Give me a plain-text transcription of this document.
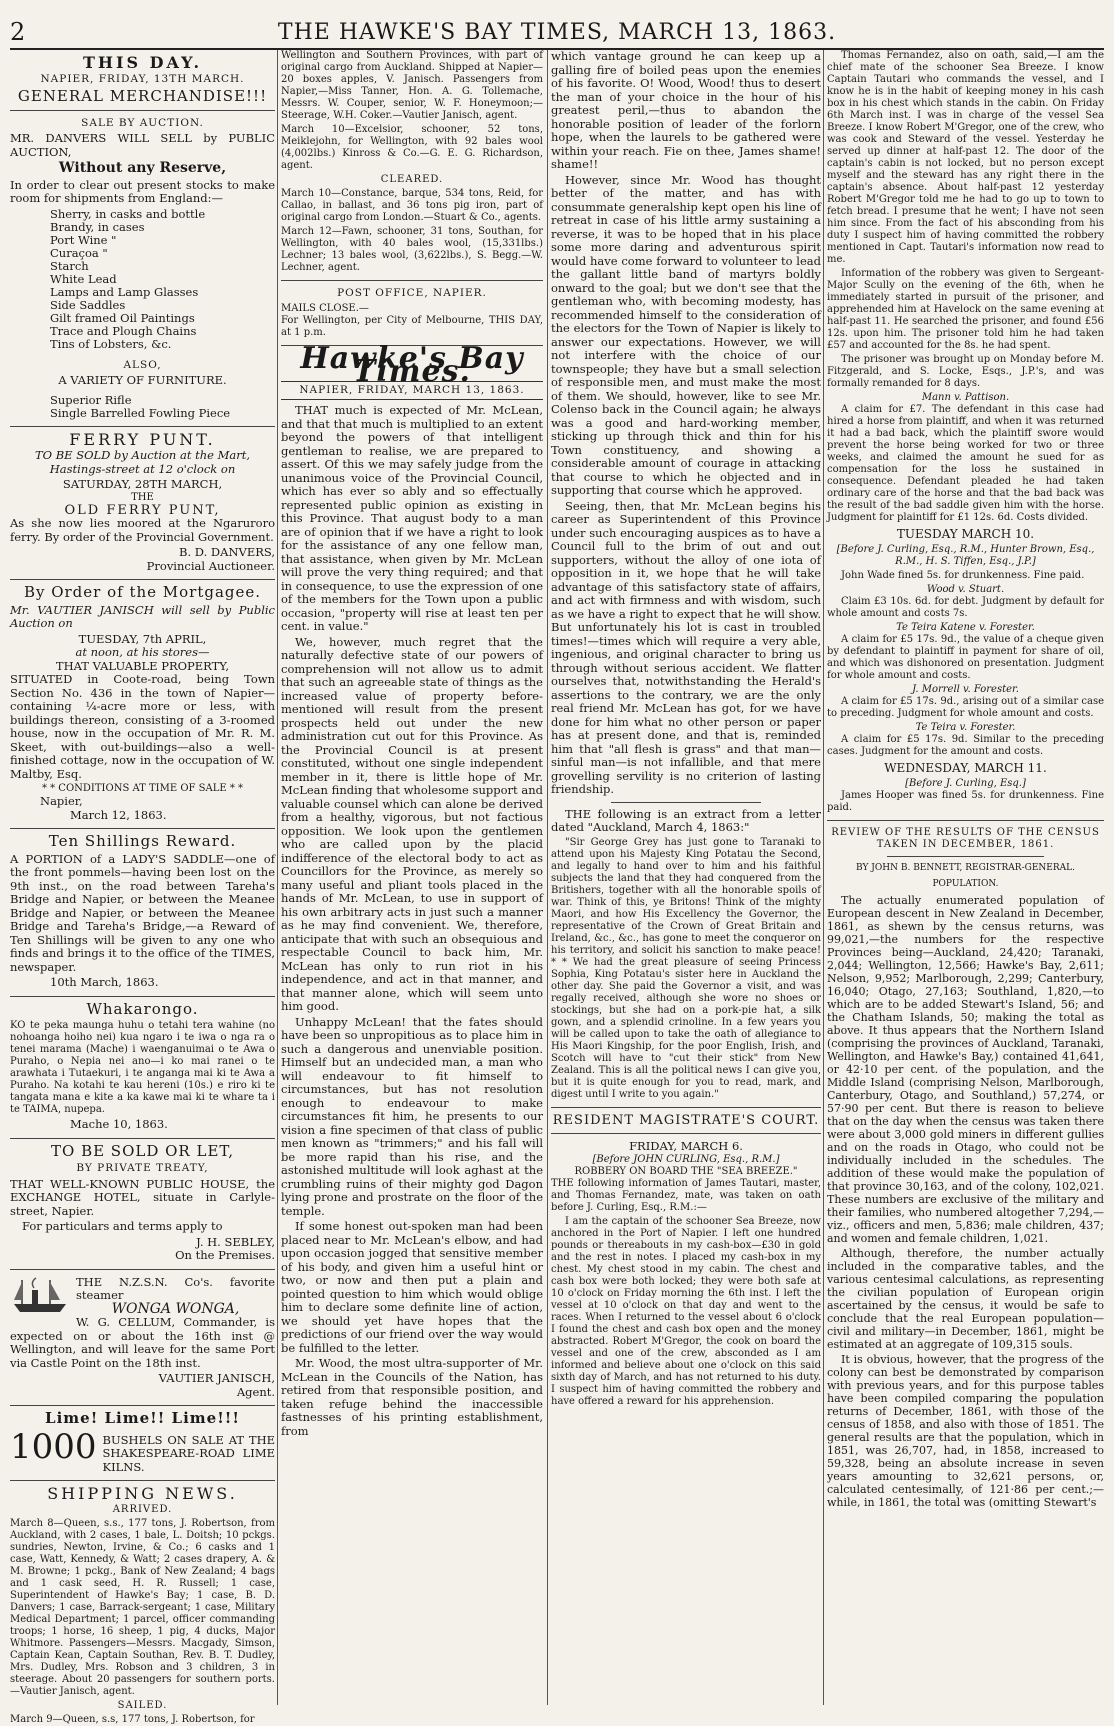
2	THE HAWKE'S BAY TIMES, MARCH 13, 1863.
THIS DAY.
NAPIER, FRIDAY, 13TH MARCH.
GENERAL MERCHANDISE!!!
SALE BY AUCTION.

MR. DANVERS WILL SELL by PUBLIC AUCTION,

Without any Reserve,

In order to clear out present stocks to make room for shipments from England:—

Sherry, in casks and bottle
Brandy, in cases
Port Wine "
Curaçoa "
Starch
White Lead
Lamps and Lamp Glasses
Side Saddles
Gilt framed Oil Paintings
Trace and Plough Chains
Tins of Lobsters, &c.
ALSO,
A VARIETY OF FURNITURE.
Superior Rifle
Single Barrelled Fowling Piece
FERRY PUNT.

TO BE SOLD by Auction at the Mart, Hastings-street at 12 o'clock on

SATURDAY, 28TH MARCH,
THE
OLD FERRY PUNT,

As she now lies moored at the Ngaruroro ferry. By order of the Provincial Government.

B. D. DANVERS,
Provincial Auctioneer.
By Order of the Mortgagee.

Mr. VAUTIER JANISCH will sell by Public Auction on

TUESDAY, 7th APRIL,
at noon, at his stores—
THAT VALUABLE PROPERTY,

SITUATED in Coote-road, being Town Section No. 436 in the town of Napier—containing ¼-acre more or less, with buildings thereon, consisting of a 3-roomed house, now in the occupation of Mr. R. M. Skeet, with out-buildings—also a well-finished cottage, now in the occupation of W. Maltby, Esq.

* * CONDITIONS AT TIME OF SALE * *
Napier,
March 12, 1863.
Ten Shillings Reward.

A PORTION of a LADY'S SADDLE—one of the front pommels—having been lost on the 9th inst., on the road between Tareha's Bridge and Napier, or between the Meanee Bridge and Napier, or between the Meanee Bridge and Tareha's Bridge,—a Reward of Ten Shillings will be given to any one who finds and brings it to the office of the TIMES, newspaper.

10th March, 1863.
Whakarongo.

KO te peka maunga huhu o tetahi tera wahine (no nohoanga hoiho nei) kua ngaro i te iwa o nga ra o tenei marama (Mache) i waenganuimai o te Awa o Puraho, o Nepia nei ano—i ko mai ranei o te arawhata i Tutaekuri, i te anganga mai ki te Awa a Puraho. Na kotahi te kau hereni (10s.) e riro ki te tangata mana e kite a ka kawe mai ki te whare ta i te TAIMA, nupepa.

Mache 10, 1863.
TO BE SOLD OR LET,
BY PRIVATE TREATY,

THAT WELL-KNOWN PUBLIC HOUSE, the EXCHANGE HOTEL, situate in Carlyle-street, Napier.

For particulars and terms apply to

J. H. SEBLEY,
On the Premises.
THE N.Z.S.N. Co's. favorite steamer
WONGA WONGA,

W. G. CELLUM, Commander, is expected on or about the 16th inst @ Wellington, and will leave for the same Port via Castle Point on the 18th inst.

VAUTIER JANISCH,
Agent.
Lime! Lime!! Lime!!!
1000 BUSHELS ON SALE AT THE SHAKESPEARE-ROAD LIME KILNS.
SHIPPING NEWS.
ARRIVED.

March 8—Queen, s.s., 177 tons, J. Robertson, from Auckland, with 2 cases, 1 bale, L. Doitsh; 10 pckgs. sundries, Newton, Irvine, & Co.; 6 casks and 1 case, Watt, Kennedy, & Watt; 2 cases drapery, A. & M. Browne; 1 pckg., Bank of New Zealand; 4 bags and 1 cask seed, H. R. Russell; 1 case, Superintendent of Hawke's Bay; 1 case, B. D. Danvers; 1 case, Barrack-sergeant; 1 case, Military Medical Department; 1 parcel, officer commanding troops; 1 horse, 16 sheep, 1 pig, 4 ducks, Major Whitmore. Passengers—Messrs. Macgady, Simson, Captain Kean, Captain Southan, Rev. B. T. Dudley, Mrs. Dudley, Mrs. Robson and 3 children, 3 in steerage. About 20 passengers for southern ports.—Vautier Janisch, agent.

SAILED.

March 9—Queen, s.s, 177 tons, J. Robertson, for

Wellington and Southern Provinces, with part of original cargo from Auckland. Shipped at Napier—20 boxes apples, V. Janisch. Passengers from Napier,—Miss Tanner, Hon. A. G. Tollemache, Messrs. W. Couper, senior, W. F. Honeymoon;—Steerage, W.H. Coker.—Vautier Janisch, agent.

March 10—Excelsior, schooner, 52 tons, Meiklejohn, for Wellington, with 92 bales wool (4,002lbs.) Kinross & Co.—G. E. G. Richardson, agent.

CLEARED.

March 10—Constance, barque, 534 tons, Reid, for Callao, in ballast, and 36 tons pig iron, part of original cargo from London.—Stuart & Co., agents.

March 12—Fawn, schooner, 31 tons, Southan, for Wellington, with 40 bales wool, (15,331lbs.) Lechner; 13 bales wool, (3,622lbs.), S. Begg.—W. Lechner, agent.

POST OFFICE, NAPIER.
MAILS CLOSE.—

For Wellington, per City of Melbourne, THIS DAY, at 1 p.m.

Hawke's Bay Times.
NAPIER, FRIDAY, MARCH 13, 1863.

THAT much is expected of Mr. McLean, and that that much is multiplied to an extent beyond the powers of that intelligent gentleman to realise, we are prepared to assert. Of this we may safely judge from the unanimous voice of the Provincial Council, which has ever so ably and so effectually represented public opinion as existing in this Province. That august body to a man are of opinion that if we have a right to look for the assistance of any one fellow man, that assistance, when given by Mr. McLean will prove the very thing required; and that in consequence, to use the expression of one of the members for the Town upon a public occasion, "property will rise at least ten per cent. in value."

We, however, much regret that the naturally defective state of our powers of comprehension will not allow us to admit that such an agreeable state of things as the increased value of property before-mentioned will result from the present prospects held out under the new administration cut out for this Province. As the Provincial Council is at present constituted, without one single independent member in it, there is little hope of Mr. McLean finding that wholesome support and valuable counsel which can alone be derived from a healthy, vigorous, but not factious opposition. We look upon the gentlemen who are called upon by the placid indifference of the electoral body to act as Councillors for the Province, as merely so many useful and pliant tools placed in the hands of Mr. McLean, to use in support of his own arbitrary acts in just such a manner as he may find convenient. We, therefore, anticipate that with such an obsequious and respectable Council to back him, Mr. McLean has only to run riot in his independence, and act in that manner, and that manner alone, which will seem unto him good.

Unhappy McLean! that the fates should have been so unpropitious as to place him in such a dangerous and unenviable position. Himself but an undecided man, a man who will endeavour to fit himself to circumstances, but has not resolution enough to endeavour to make circumstances fit him, he presents to our vision a fine specimen of that class of public men known as "trimmers;" and his fall will be more rapid than his rise, and the astonished multitude will look aghast at the crumbling ruins of their mighty god Dagon lying prone and prostrate on the floor of the temple.

If some honest out-spoken man had been placed near to Mr. McLean's elbow, and had upon occasion jogged that sensitive member of his body, and given him a useful hint or two, or now and then put a plain and pointed question to him which would oblige him to declare some definite line of action, we should yet have hopes that the predictions of our friend over the way would be fulfilled to the letter.

Mr. Wood, the most ultra-supporter of Mr. McLean in the Councils of the Nation, has retired from that responsible position, and taken refuge behind the inaccessible fastnesses of his printing establishment, from

which vantage ground he can keep up a galling fire of boiled peas upon the enemies of his favorite. O! Wood, Wood! thus to desert the man of your choice in the hour of his greatest peril,—thus to abandon the honorable position of leader of the forlorn hope, when the laurels to be gathered were within your reach. Fie on thee, James shame! shame!!

However, since Mr. Wood has thought better of the matter, and has with consummate generalship kept open his line of retreat in case of his little army sustaining a reverse, it was to be hoped that in his place some more daring and adventurous spirit would have come forward to volunteer to lead the gallant little band of martyrs boldly onward to the goal; but we don't see that the gentleman who, with becoming modesty, has recommended himself to the consideration of the electors for the Town of Napier is likely to answer our expectations. However, we will not interfere with the choice of our townspeople; they have but a small selection of responsible men, and must make the most of them. We should, however, like to see Mr. Colenso back in the Council again; he always was a good and hard-working member, sticking up through thick and thin for his Town constituency, and showing a considerable amount of courage in attacking that course to which he objected and in supporting that course which he approved.

Seeing, then, that Mr. McLean begins his career as Superintendent of this Province under such encouraging auspices as to have a Council full to the brim of out and out supporters, without the alloy of one iota of opposition in it, we hope that he will take advantage of this satisfactory state of affairs, and act with firmness and with wisdom, such as we have a right to expect that he will show. But unfortunately his lot is cast in troubled times!—times which will require a very able, ingenious, and original character to bring us through without serious accident. We flatter ourselves that, notwithstanding the Herald's assertions to the contrary, we are the only real friend Mr. McLean has got, for we have done for him what no other person or paper has at present done, and that is, reminded him that "all flesh is grass" and that man—sinful man—is not infallible, and that mere grovelling servility is no criterion of lasting friendship.

THE following is an extract from a letter dated "Auckland, March 4, 1863:"

"Sir George Grey has just gone to Taranaki to attend upon his Majesty King Potatau the Second, and legally to hand over to him and his faithful subjects the land that they had conquered from the Britishers, together with all the honorable spoils of war. Think of this, ye Britons! Think of the mighty Maori, and how His Excellency the Governor, the representative of the Crown of Great Britain and Ireland, &c., &c., has gone to meet the conqueror on his territory, and solicit his sanction to make peace! * * We had the great pleasure of seeing Princess Sophia, King Potatau's sister here in Auckland the other day. She paid the Governor a visit, and was regally received, although she wore no shoes or stockings, but she had on a pork-pie hat, a silk gown, and a splendid crinoline. In a few years you will be called upon to take the oath of allegiance to His Maori Kingship, for the poor English, Irish, and Scotch will have to "cut their stick" from New Zealand. This is all the political news I can give you, but it is quite enough for you to read, mark, and digest until I write to you again."

RESIDENT MAGISTRATE'S COURT.
FRIDAY, MARCH 6.
[Before JOHN CURLING, Esq., R.M.]
ROBBERY ON BOARD THE "SEA BREEZE."

THE following information of James Tautari, master, and Thomas Fernandez, mate, was taken on oath before J. Curling, Esq., R.M.:—

I am the captain of the schooner Sea Breeze, now anchored in the Port of Napier. I left one hundred pounds or thereabouts in my cash-box—£30 in gold and the rest in notes. I placed my cash-box in my chest. My chest stood in my cabin. The chest and cash box were both locked; they were both safe at 10 o'clock on Friday morning the 6th inst. I left the vessel at 10 o'clock on that day and went to the races. When I returned to the vessel about 6 o'clock I found the chest and cash box open and the money abstracted. Robert M'Gregor, the cook on board the vessel and one of the crew, absconded as I am informed and believe about one o'clock on this said sixth day of March, and has not returned to his duty. I suspect him of having committed the robbery and have offered a reward for his apprehension.

Thomas Fernandez, also on oath, said,—I am the chief mate of the schooner Sea Breeze. I know Captain Tautari who commands the vessel, and I know he is in the habit of keeping money in his cash box in his chest which stands in the cabin. On Friday 6th March inst. I was in charge of the vessel Sea Breeze. I know Robert M'Gregor, one of the crew, who was cook and Steward of the vessel. Yesterday he served up dinner at half-past 12. The door of the captain's cabin is not locked, but no person except myself and the steward has any right there in the captain's absence. About half-past 12 yesterday Robert M'Gregor told me he had to go up to town to fetch bread. I presume that he went; I have not seen him since. From the fact of his absconding from his duty I suspect him of having committed the robbery mentioned in Capt. Tautari's information now read to me.

Information of the robbery was given to Sergeant-Major Scully on the evening of the 6th, when he immediately started in pursuit of the prisoner, and apprehended him at Havelock on the same evening at half-past 11. He searched the prisoner, and found £56 12s. upon him. The prisoner told him he had taken £57 and accounted for the 8s. he had spent.

The prisoner was brought up on Monday before M. Fitzgerald, and S. Locke, Esqs., J.P.'s, and was formally remanded for 8 days.

Mann v. Pattison.

A claim for £7. The defendant in this case had hired a horse from plaintiff, and when it was returned it had a bad back, which the plaintiff swore would prevent the horse being worked for two or three weeks, and claimed the amount he sued for as compensation for the loss he sustained in consequence. Defendant pleaded he had taken ordinary care of the horse and that the bad back was the result of the bad saddle given him with the horse. Judgment for plaintiff for £1 12s. 6d. Costs divided.

TUESDAY MARCH 10.

[Before J. Curling, Esq., R.M., Hunter Brown, Esq., R.M., H. S. Tiffen, Esq., J.P.]

John Wade fined 5s. for drunkenness. Fine paid.

Wood v. Stuart.

Claim £3 10s. 6d. for debt. Judgment by default for whole amount and costs 7s.

Te Teira Katene v. Forester.

A claim for £5 17s. 9d., the value of a cheque given by defendant to plaintiff in payment for share of oil, and which was dishonored on presentation. Judgment for whole amount and costs.

J. Morrell v. Forester.

A claim for £5 17s. 9d., arising out of a similar case to preceding. Judgment for whole amount and costs.

Te Teira v. Forester.

A claim for £5 17s. 9d. Similar to the preceding cases. Judgment for the amount and costs.

WEDNESDAY, MARCH 11.
[Before J. Curling, Esq.]

James Hooper was fined 5s. for drunkenness. Fine paid.

REVIEW OF THE RESULTS OF THE CENSUS TAKEN IN DECEMBER, 1861.
BY JOHN B. BENNETT, REGISTRAR-GENERAL.
POPULATION.

The actually enumerated population of European descent in New Zealand in December, 1861, as shewn by the census returns, was 99,021,—the numbers for the respective Provinces being—Auckland, 24,420; Taranaki, 2,044; Wellington, 12,566; Hawke's Bay, 2,611; Nelson, 9,952; Marlborough, 2,299; Canterbury, 16,040; Otago, 27,163; Southland, 1,820,—to which are to be added Stewart's Island, 56; and the Chatham Islands, 50; making the total as above. It thus appears that the Northern Island (comprising the provinces of Auckland, Taranaki, Wellington, and Hawke's Bay,) contained 41,641, or 42·10 per cent. of the population, and the Middle Island (comprising Nelson, Marlborough, Canterbury, Otago, and Southland,) 57,274, or 57·90 per cent. But there is reason to believe that on the day when the census was taken there were about 3,000 gold miners in different gullies and on the roads in Otago, who could not be individually included in the schedules. The addition of these would make the population of that province 30,163, and of the colony, 102,021. These numbers are exclusive of the military and their families, who numbered altogether 7,294,—viz., officers and men, 5,836; male children, 437; and women and female children, 1,021.

Although, therefore, the number actually included in the comparative tables, and the various centesimal calculations, as representing the civilian population of European origin ascertained by the census, it would be safe to conclude that the real European population—civil and military—in December, 1861, might be estimated at an aggregate of 109,315 souls.

It is obvious, however, that the progress of the colony can best be demonstrated by comparison with previous years, and for this purpose tables have been compiled comparing the population returns of December, 1861, with those of the census of 1858, and also with those of 1851. The general results are that the population, which in 1851, was 26,707, had, in 1858, increased to 59,328, being an absolute increase in seven years amounting to 32,621 persons, or, calculated centesimally, of 121·86 per cent.;—while, in 1861, the total was (omitting Stewart's
